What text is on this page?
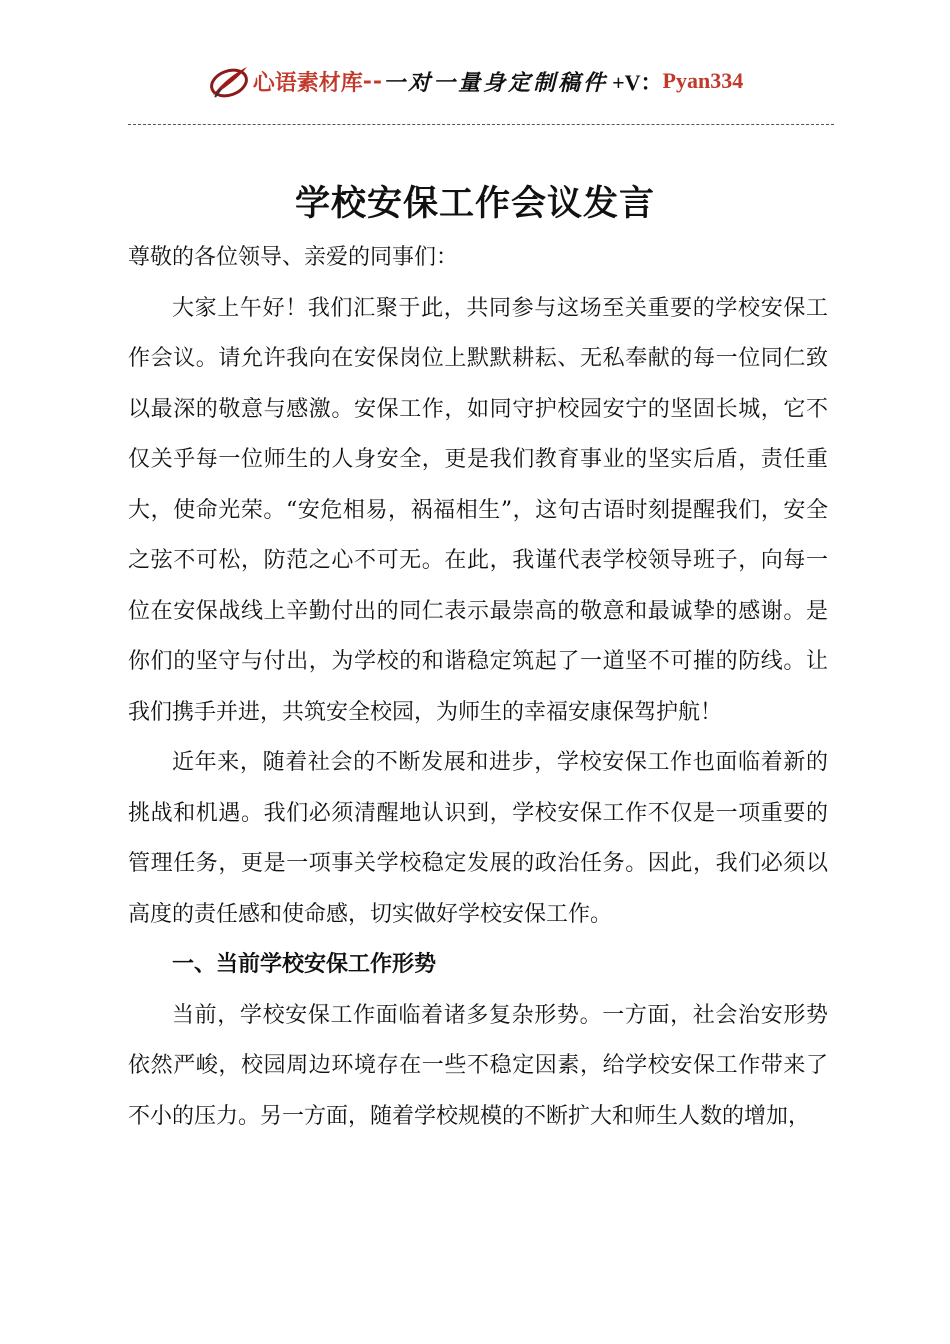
心语素材库 -- 一对一量身定制稿件 +V： Pyan334
学校安保工作会议发言

尊敬的各位领导、亲爱的同事们：

大家上午好！我们汇聚于此，共同参与这场至关重要的学校安保工作会议。请允许我向在安保岗位上默默耕耘、无私奉献的每一位同仁致以最深的敬意与感激。安保工作，如同守护校园安宁的坚固长城，它不仅关乎每一位师生的人身安全，更是我们教育事业的坚实后盾，责任重大，使命光荣。“安危相易，祸福相生”，这句古语时刻提醒我们，安全之弦不可松，防范之心不可无。在此，我谨代表学校领导班子，向每一位在安保战线上辛勤付出的同仁表示最崇高的敬意和最诚挚的感谢。是你们的坚守与付出，为学校的和谐稳定筑起了一道坚不可摧的防线。让我们携手并进，共筑安全校园，为师生的幸福安康保驾护航！

近年来，随着社会的不断发展和进步，学校安保工作也面临着新的挑战和机遇。我们必须清醒地认识到，学校安保工作不仅是一项重要的管理任务，更是一项事关学校稳定发展的政治任务。因此，我们必须以高度的责任感和使命感，切实做好学校安保工作。

一、当前学校安保工作形势

当前，学校安保工作面临着诸多复杂形势。一方面，社会治安形势依然严峻，校园周边环境存在一些不稳定因素，给学校安保工作带来了不小的压力。另一方面，随着学校规模的不断扩大和师生人数的增加，
